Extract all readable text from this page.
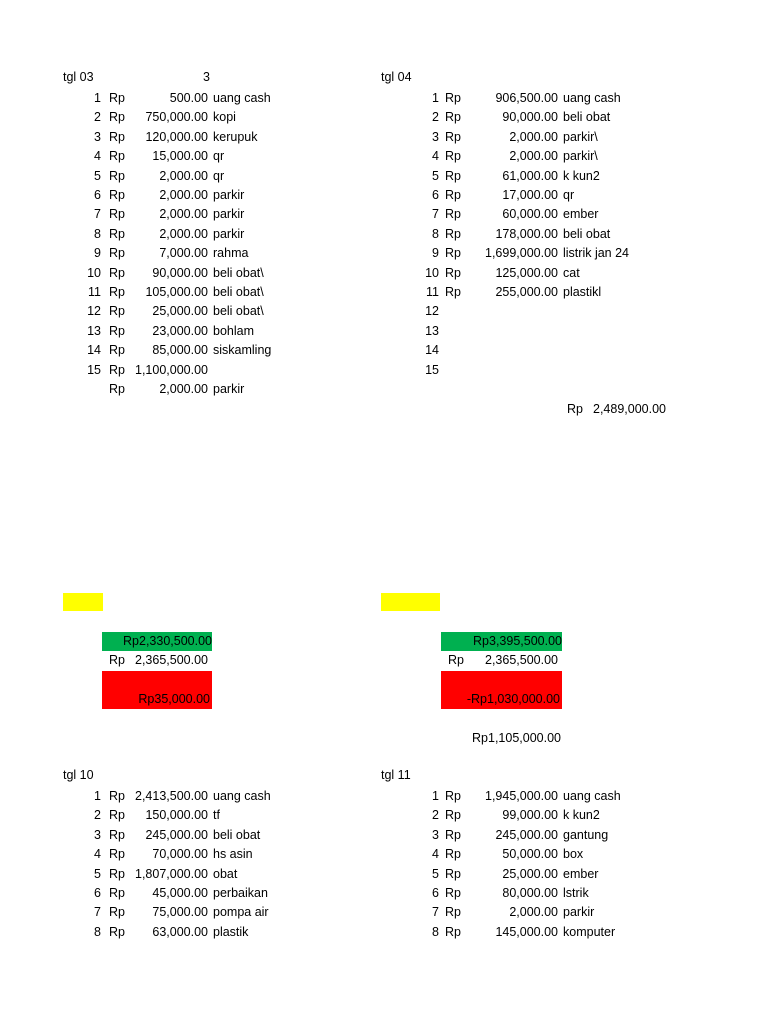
tgl 03	3
1 Rp	500.00 uang cash
2 Rp 750,000.00 kopi
3 Rp 120,000.00 kerupuk
4 Rp 15,000.00 qr
5 Rp	2,000.00 qr
6 Rp	2,000.00 parkir
7 Rp	2,000.00 parkir
8 Rp	2,000.00 parkir
9 Rp	7,000.00 rahma
10 Rp 90,000.00 beli obat\
11 Rp 105,000.00 beli obat\
12 Rp 25,000.00 beli obat\
13 Rp 23,000.00 bohlam
14 Rp 85,000.00 siskamling
15 Rp 1,100,000.00
Rp	2,000.00 parkir
tgl 04
1 Rp	906,500.00 uang cash
2 Rp	90,000.00 beli obat
3 Rp	2,000.00 parkir\
4 Rp	2,000.00 parkir\
5 Rp	61,000.00 k kun2
6 Rp	17,000.00 qr
7 Rp	60,000.00 ember
8 Rp	178,000.00 beli obat
9 Rp 1,699,000.00 listrik jan 24
10 Rp	125,000.00 cat
11 Rp	255,000.00 plastikl
12
13
14
15
Rp 2,489,000.00
Rp2,330,500.00
Rp 2,365,500.00
Rp35,000.00
Rp3,395,500.00
Rp	2,365,500.00
-Rp1,030,000.00
Rp1,105,000.00
tgl 10
1 Rp 2,413,500.00 uang cash
2 Rp 150,000.00 tf
3 Rp 245,000.00 beli obat
4 Rp 70,000.00 hs asin
5 Rp 1,807,000.00 obat
6 Rp 45,000.00 perbaikan
7 Rp 75,000.00 pompa air
8 Rp 63,000.00 plastik
tgl 11
1 Rp 1,945,000.00 uang cash
2 Rp	99,000.00 k kun2
3 Rp	245,000.00 gantung
4 Rp	50,000.00 box
5 Rp	25,000.00 ember
6 Rp	80,000.00 lstrik
7 Rp	2,000.00 parkir
8 Rp	145,000.00 komputer
